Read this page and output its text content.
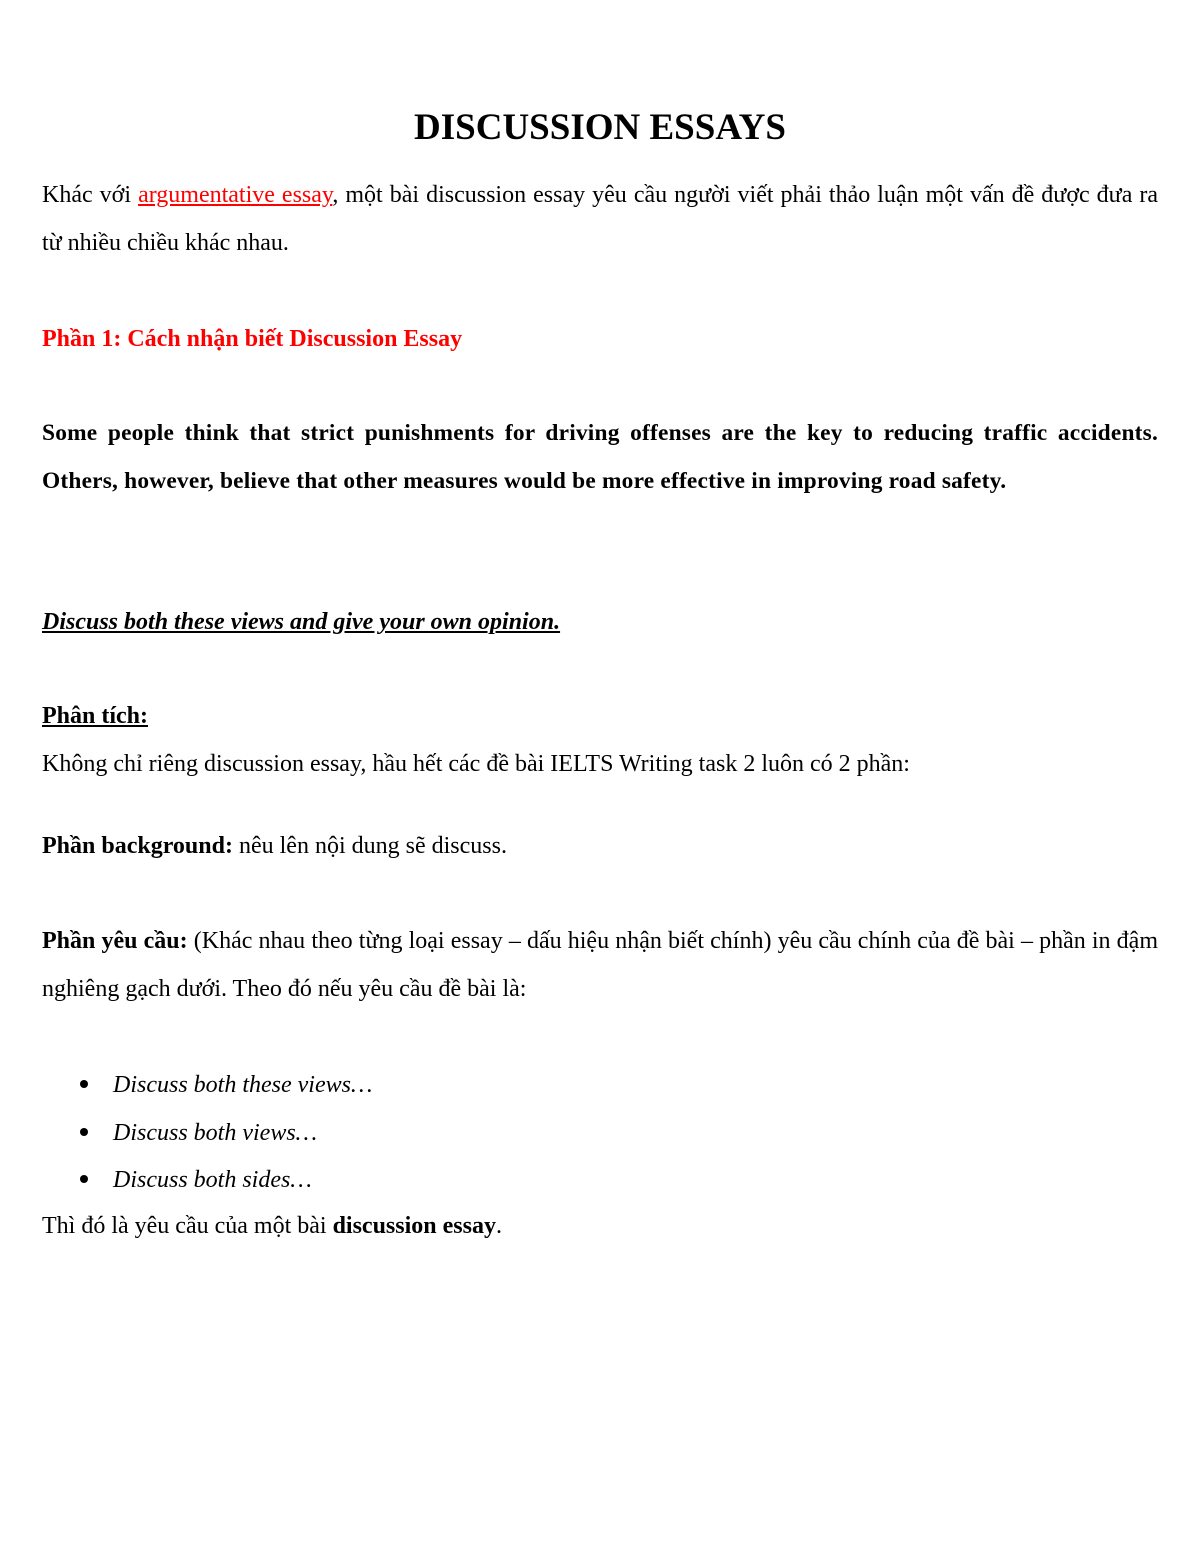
DISCUSSION ESSAYS

Khác với argumentative essay, một bài discussion essay yêu cầu người viết phải thảo luận một vấn đề được đưa ra từ nhiều chiều khác nhau.

Phần 1: Cách nhận biết Discussion Essay

Some people think that strict punishments for driving offenses are the key to reducing traffic accidents. Others, however, believe that other measures would be more effective in improving road safety.

Discuss both these views and give your own opinion.

Phân tích:

Không chỉ riêng discussion essay, hầu hết các đề bài IELTS Writing task 2 luôn có 2 phần:

Phần background: nêu lên nội dung sẽ discuss.

Phần yêu cầu: (Khác nhau theo từng loại essay – dấu hiệu nhận biết chính) yêu cầu chính của đề bài – phần in đậm nghiêng gạch dưới. Theo đó nếu yêu cầu đề bài là:

Discuss both these views…
Discuss both views…
Discuss both sides…

Thì đó là yêu cầu của một bài discussion essay.
